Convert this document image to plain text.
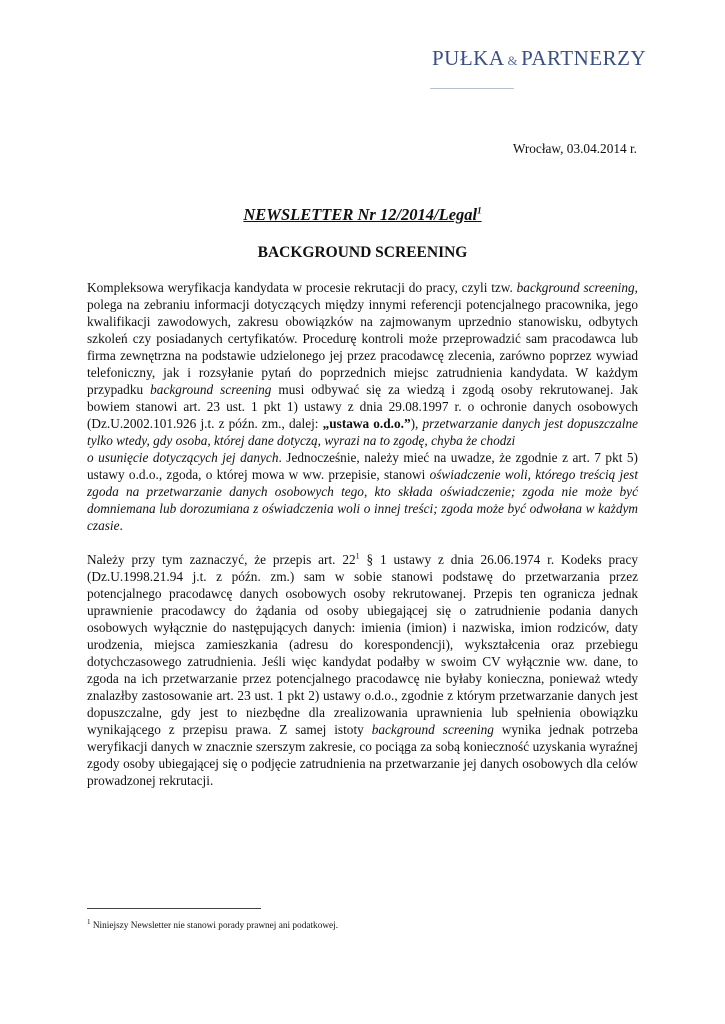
PUŁKA & PARTNERZY
Wrocław, 03.04.2014 r.
NEWSLETTER Nr 12/2014/Legal$^1$
BACKGROUND SCREENING

Kompleksowa weryfikacja kandydata w procesie rekrutacji do pracy, czyli tzw. background screening, polega na zebraniu informacji dotyczących między innymi referencji potencjalnego pracownika, jego kwalifikacji zawodowych, zakresu obowiązków na zajmowanym uprzednio stanowisku, odbytych szkoleń czy posiadanych certyfikatów. Procedurę kontroli może przeprowadzić sam pracodawca lub firma zewnętrzna na podstawie udzielonego jej przez pracodawcę zlecenia, zarówno poprzez wywiad telefoniczny, jak i rozsyłanie pytań do poprzednich miejsc zatrudnienia kandydata. W każdym przypadku background screening musi odbywać się za wiedzą i zgodą osoby rekrutowanej. Jak bowiem stanowi art. 23 ust. 1 pkt 1) ustawy z dnia 29.08.1997 r. o ochronie danych osobowych (Dz.U.2002.101.926 j.t. z późn. zm., dalej: „ustawa o.d.o.”), przetwarzanie danych jest dopuszczalne tylko wtedy, gdy osoba, której dane dotyczą, wyrazi na to zgodę, chyba że chodzi
o usunięcie dotyczących jej danych. Jednocześnie, należy mieć na uwadze, że zgodnie z art. 7 pkt 5) ustawy o.d.o., zgoda, o której mowa w ww. przepisie, stanowi oświadczenie woli, którego treścią jest zgoda na przetwarzanie danych osobowych tego, kto składa oświadczenie; zgoda nie może być domniemana lub dorozumiana z oświadczenia woli o innej treści; zgoda może być odwołana w każdym czasie.

Należy przy tym zaznaczyć, że przepis art. $22^1$ § 1 ustawy z dnia 26.06.1974 r. Kodeks pracy (Dz.U.1998.21.94 j.t. z późn. zm.) sam w sobie stanowi podstawę do przetwarzania przez potencjalnego pracodawcę danych osobowych osoby rekrutowanej. Przepis ten ogranicza jednak uprawnienie pracodawcy do żądania od osoby ubiegającej się o zatrudnienie podania danych osobowych wyłącznie do następujących danych: imienia (imion) i nazwiska, imion rodziców, daty urodzenia, miejsca zamieszkania (adresu do korespondencji), wykształcenia oraz przebiegu dotychczasowego zatrudnienia. Jeśli więc kandydat podałby w swoim CV wyłącznie ww. dane, to zgoda na ich przetwarzanie przez potencjalnego pracodawcę nie byłaby konieczna, ponieważ wtedy znalazłby zastosowanie art. 23 ust. 1 pkt 2) ustawy o.d.o., zgodnie z którym przetwarzanie danych jest dopuszczalne, gdy jest to niezbędne dla zrealizowania uprawnienia lub spełnienia obowiązku wynikającego z przepisu prawa. Z samej istoty background screening wynika jednak potrzeba weryfikacji danych w znacznie szerszym zakresie, co pociąga za sobą konieczność uzyskania wyraźnej zgody osoby ubiegającej się o podjęcie zatrudnienia na przetwarzanie jej danych osobowych dla celów prowadzonej rekrutacji.

$^1$ Niniejszy Newsletter nie stanowi porady prawnej ani podatkowej.
